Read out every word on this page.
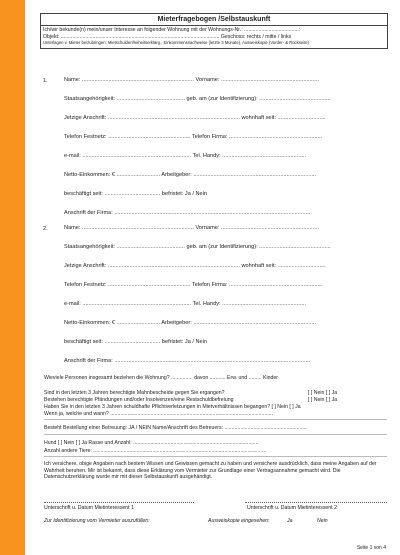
Mieterfragebogen /Selbstauskunft
Ich/wir bekunde(n) mein/unser Interesse an folgender Wohnung mit der Wohnungs-Nr.: ......................................:
Objekt: .............................................................................................................. Geschoss: rechts / mitte / links
Unterlagen v. Mieter beizubringen: Mietschuldenfreiheitserklärg., Einkommensnachweise (letzte 3 Monate), Ausweiskopie (Vorder- & Rückseite)
1.	Name: ........................................................................ Vorname: ...............................................................
Staatsangehörigkeit: ............................................ geb. am (zur Identifizierung): ..............................................
Jetzige Anschrift: ..................................................................................... wohnhaft seit: ...............................
Telefon Festnetz: ..................................................... Telefon Firma: ............................................................
e-mail: ...................................................................... Tel. Handy: ......................................................
Netto-Einkommen: € ............................ Arbeitgeber: ...............................................................................
beschäftigt seit: .................................... befristet: Ja / Nein
Anschrift der Firma: ..............................................................................................................................
2.	Name: ........................................................................ Vorname: ...............................................................
Staatsangehörigkeit: ............................................ geb. am (zur Identifizierung): ..............................................
Jetzige Anschrift: ..................................................................................... wohnhaft seit: ...............................
Telefon Festnetz: ..................................................... Telefon Firma: ............................................................
e-mail: ...................................................................... Tel. Handy: ......................................................
Netto-Einkommen: € ............................ Arbeitgeber: ...............................................................................
beschäftigt seit: .................................... befristet: Ja / Nein
Anschrift der Firma: ..............................................................................................................................
Wieviele Personen insgesamt beziehen die Wohnung? ............... davon ........... Erw. und ......... Kinder
Sind in den letzten 3 Jahren berechtigte Mahnbescheide gegen Sie ergangen?	[ ] Nein [ ] Ja
Bestehen berechtigte Pfändungen und/oder Insolvenzen/eine Restschuldbefreiung	[ ] Nein [ ] Ja
Haben Sie in den letzten 3 Jahren schuldhafte Pflichtverletzungen in Mietverhältnissen begangen? [ ] Nein [ ] Ja
Wenn ja, welche und wann? .................................................................................................................
Besteht Bestellung einer Betreuung: JA / NEIN Name/Anschrift des Betreuers: .........................................................
Hund [ ] Nein [ ] Ja Rasse und Anzahl: .......................................................................................
Anzahl andere Tiere: ........................................................................................................................
Ich versichere, obige Angaben nach bestem Wissen und Gewissen gemacht zu haben und versichere ausdrücklich, dass meine Angaben auf der Wahrheit beruhen. Mir ist bekannt, dass diese Erklärung vom Vermieter zur Grundlage einer Vertragsannahme gemacht wird. Die Datenschutzerklärung wurde mir mit dieser Selbstauskunft ausgehändigt.
Unterschrift u. Datum Mietinteressent 1	Unterschrift u. Datum Mietinteressent 2
Zur Identifizierung vom Vermieter auszufüllen:	Ausweiskopie eingesehen:	Ja	Nein
Seite 1 von 4
